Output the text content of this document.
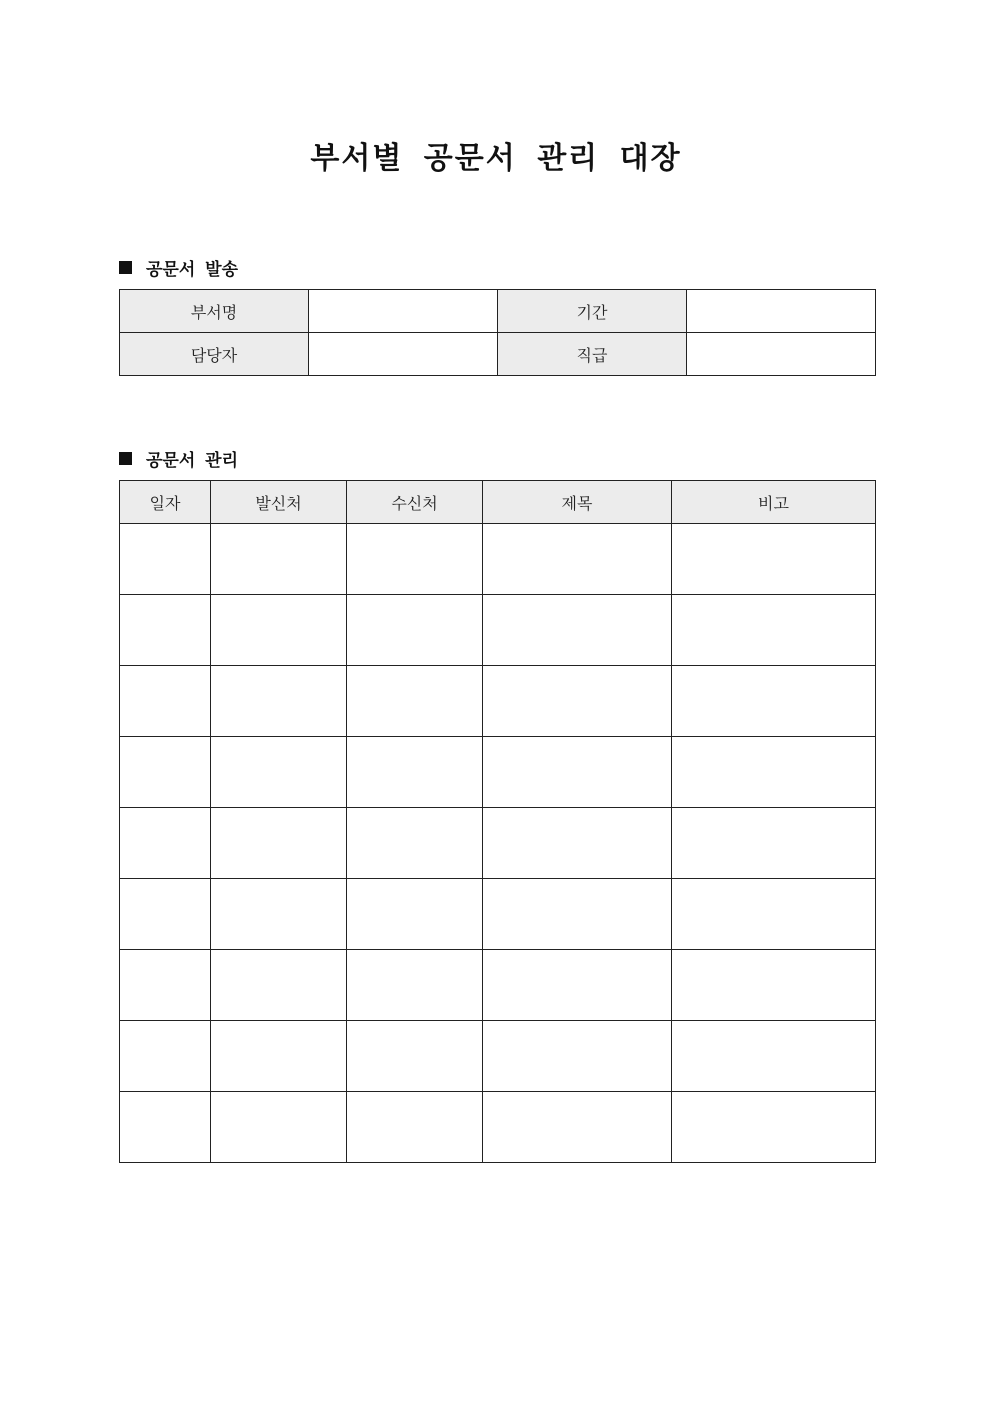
부서별 공문서 관리 대장
공문서 발송
부서명		기간	
담당자		직급	
공문서 관리
일자	발신처	수신처	제목	비고
